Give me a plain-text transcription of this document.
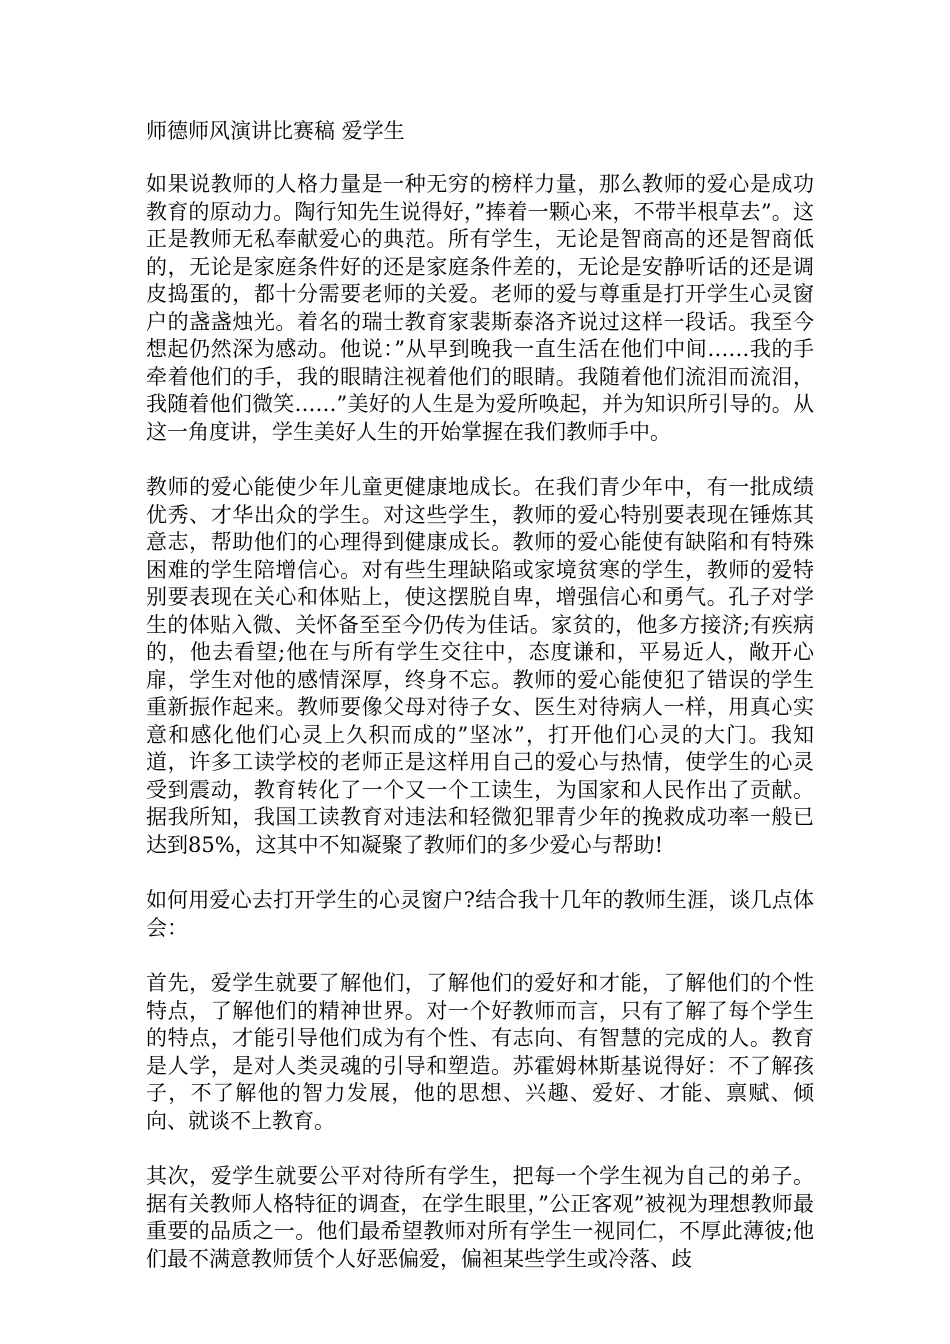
师德师风演讲比赛稿 爱学生

如果说教师的人格力量是一种无穷的榜样力量，那么教师的爱心是成功教育的原动力。陶行知先生说得好，”捧着一颗心来，不带半根草去”。这正是教师无私奉献爱心的典范。所有学生，无论是智商高的还是智商低的，无论是家庭条件好的还是家庭条件差的，无论是安静听话的还是调皮捣蛋的，都十分需要老师的关爱。老师的爱与尊重是打开学生心灵窗户的盏盏烛光。着名的瑞士教育家裴斯泰洛齐说过这样一段话。我至今想起仍然深为感动。他说：”从早到晚我一直生活在他们中间……我的手牵着他们的手，我的眼睛注视着他们的眼睛。我随着他们流泪而流泪，我随着他们微笑……”美好的人生是为爱所唤起，并为知识所引导的。从这一角度讲，学生美好人生的开始掌握在我们教师手中。

教师的爱心能使少年儿童更健康地成长。在我们青少年中，有一批成绩优秀、才华出众的学生。对这些学生，教师的爱心特别要表现在锤炼其意志，帮助他们的心理得到健康成长。教师的爱心能使有缺陷和有特殊困难的学生陪增信心。对有些生理缺陷或家境贫寒的学生，教师的爱特别要表现在关心和体贴上，使这摆脱自卑，增强信心和勇气。孔子对学生的体贴入微、关怀备至至今仍传为佳话。家贫的，他多方接济;有疾病的，他去看望;他在与所有学生交往中，态度谦和，平易近人，敞开心扉，学生对他的感情深厚，终身不忘。教师的爱心能使犯了错误的学生重新振作起来。教师要像父母对待子女、医生对待病人一样，用真心实意和感化他们心灵上久积而成的”坚冰”，打开他们心灵的大门。我知道，许多工读学校的老师正是这样用自己的爱心与热情，使学生的心灵受到震动，教育转化了一个又一个工读生，为国家和人民作出了贡献。据我所知，我国工读教育对违法和轻微犯罪青少年的挽救成功率一般已达到85%，这其中不知凝聚了教师们的多少爱心与帮助!

如何用爱心去打开学生的心灵窗户?结合我十几年的教师生涯，谈几点体会：

首先，爱学生就要了解他们，了解他们的爱好和才能，了解他们的个性特点，了解他们的精神世界。对一个好教师而言，只有了解了每个学生的特点，才能引导他们成为有个性、有志向、有智慧的完成的人。教育是人学，是对人类灵魂的引导和塑造。苏霍姆林斯基说得好：不了解孩子，不了解他的智力发展，他的思想、兴趣、爱好、才能、禀赋、倾向、就谈不上教育。

其次，爱学生就要公平对待所有学生，把每一个学生视为自己的弟子。据有关教师人格特征的调查，在学生眼里，”公正客观”被视为理想教师最重要的品质之一。他们最希望教师对所有学生一视同仁，不厚此薄彼;他们最不满意教师赁个人好恶偏爱，偏袒某些学生或冷落、歧
